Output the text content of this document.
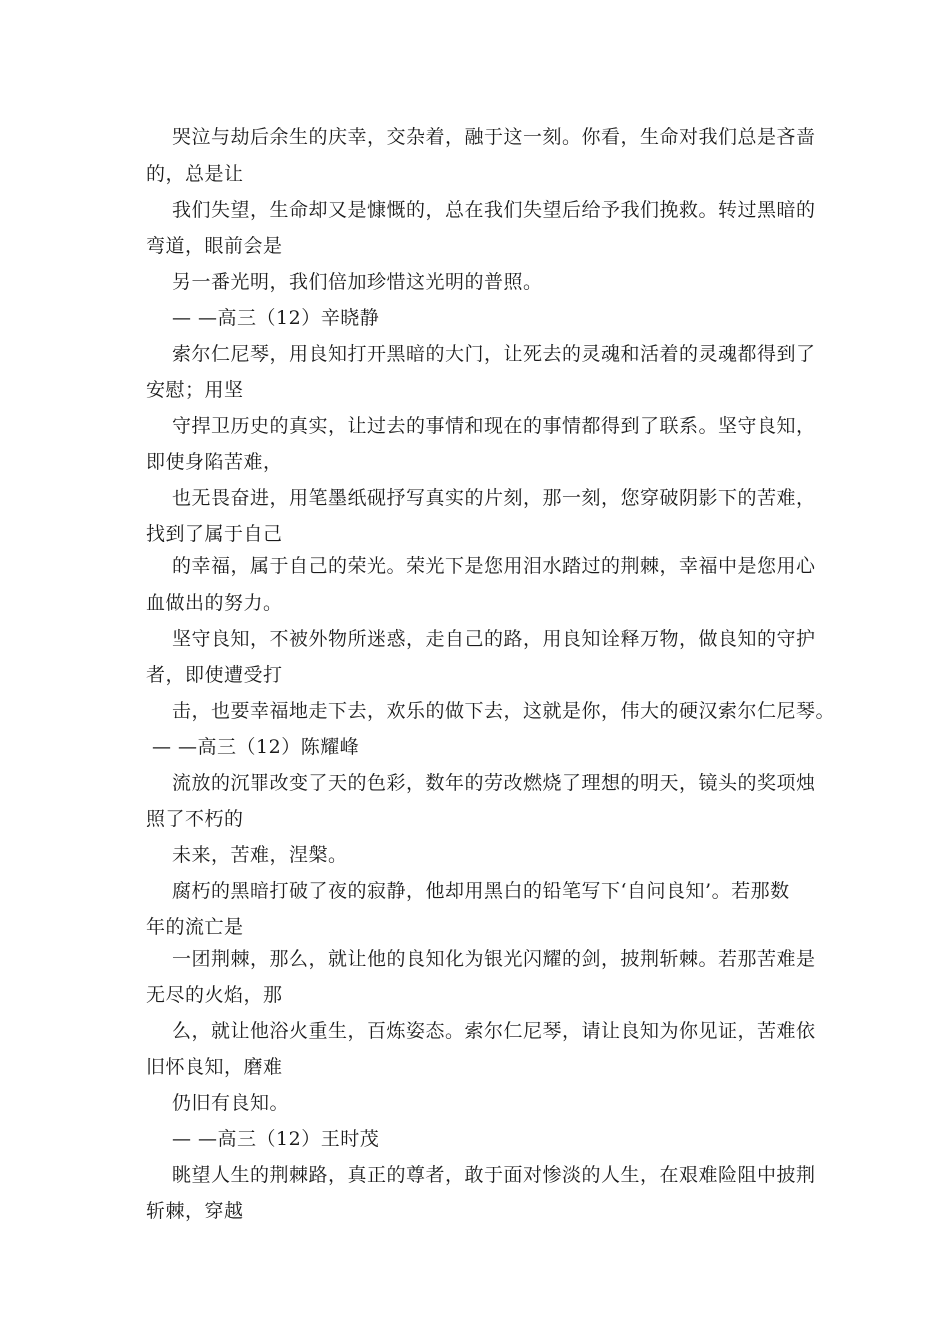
哭泣与劫后余生的庆幸，交杂着，融于这一刻。你看，生命对我们总是吝啬
的，总是让
我们失望，生命却又是慷慨的，总在我们失望后给予我们挽救。转过黑暗的
弯道，眼前会是
另一番光明，我们倍加珍惜这光明的普照。
— —高三（12）辛晓静
索尔仁尼琴，用良知打开黑暗的大门，让死去的灵魂和活着的灵魂都得到了
安慰；用坚
守捍卫历史的真实，让过去的事情和现在的事情都得到了联系。坚守良知，
即使身陷苦难，
也无畏奋进，用笔墨纸砚抒写真实的片刻，那一刻，您穿破阴影下的苦难，
找到了属于自己
的幸福，属于自己的荣光。荣光下是您用泪水踏过的荆棘，幸福中是您用心
血做出的努力。
坚守良知，不被外物所迷惑，走自己的路，用良知诠释万物，做良知的守护
者，即使遭受打
击，也要幸福地走下去，欢乐的做下去，这就是你，伟大的硬汉索尔仁尼琴。
— —高三（12）陈耀峰
流放的沉罪改变了天的色彩，数年的劳改燃烧了理想的明天，镜头的奖项烛
照了不朽的
未来，苦难，涅槃。
腐朽的黑暗打破了夜的寂静，他却用黑白的铅笔写下‘自问良知’。若那数
年的流亡是
一团荆棘，那么，就让他的良知化为银光闪耀的剑，披荆斩棘。若那苦难是
无尽的火焰，那
么，就让他浴火重生，百炼姿态。索尔仁尼琴，请让良知为你见证，苦难依
旧怀良知，磨难
仍旧有良知。
— —高三（12）王时茂
眺望人生的荆棘路，真正的尊者，敢于面对惨淡的人生，在艰难险阻中披荆
斩棘，穿越
